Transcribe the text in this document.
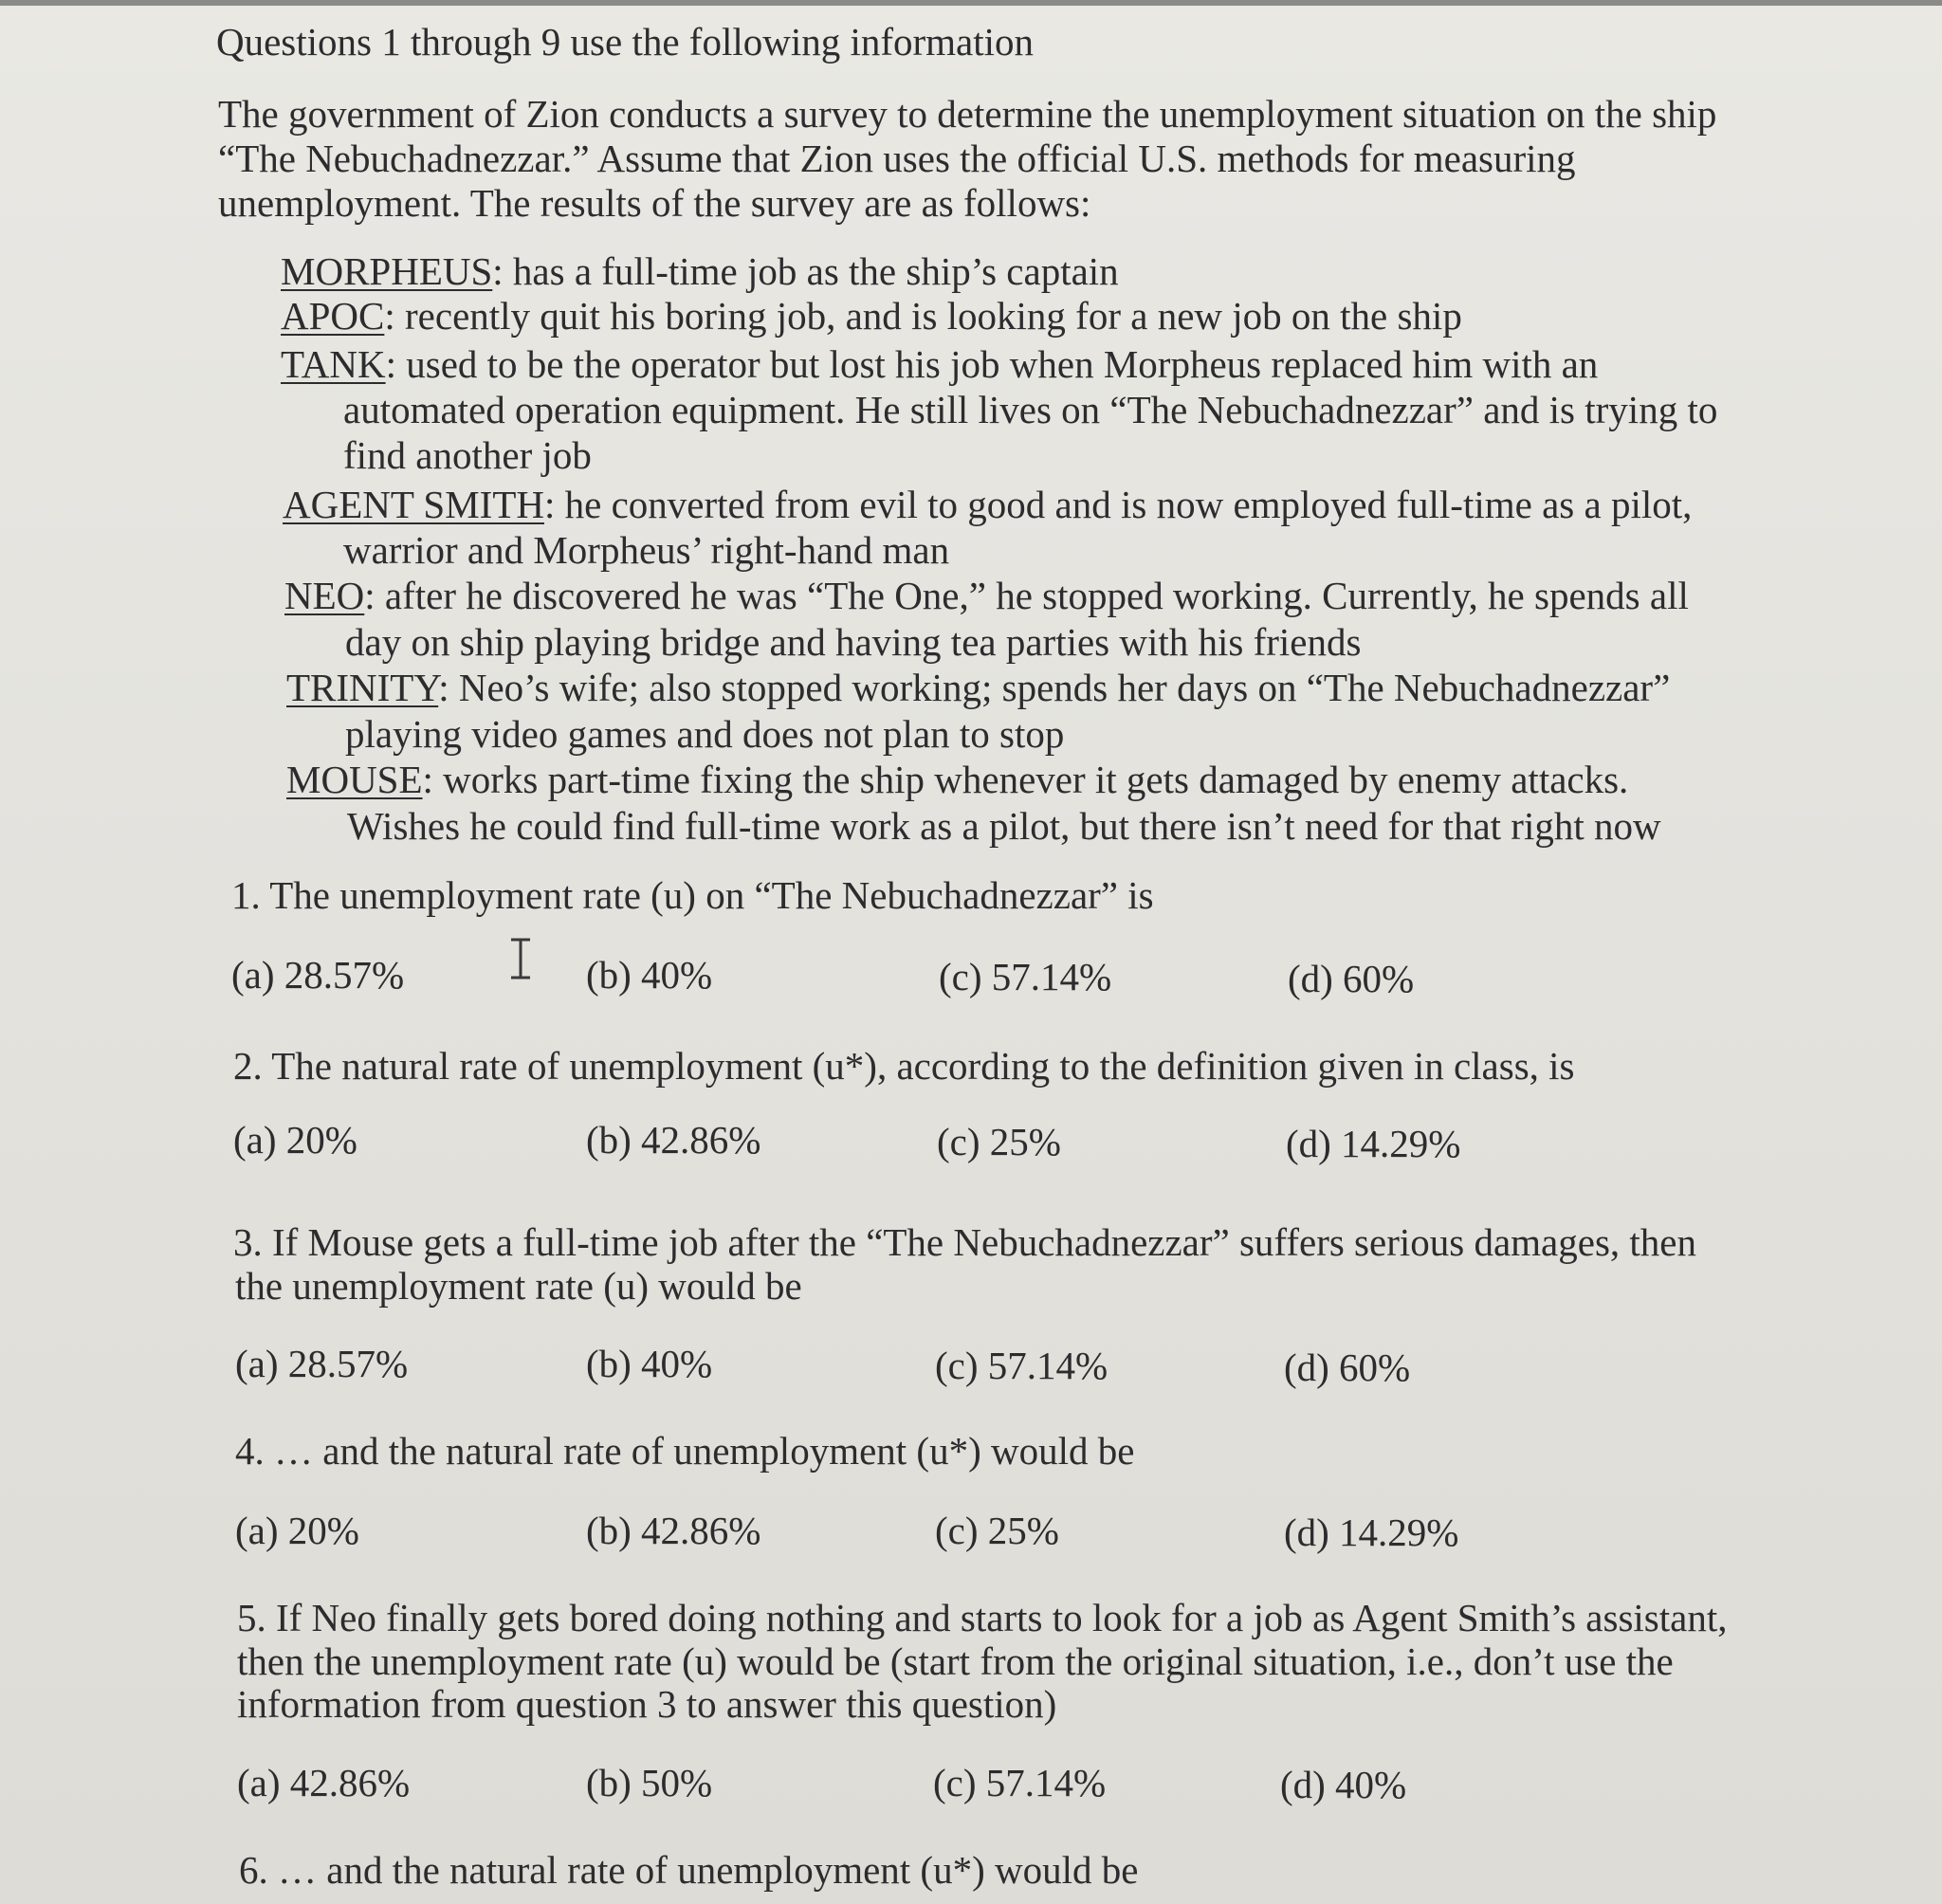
Questions 1 through 9 use the following information
The government of Zion conducts a survey to determine the unemployment situation on the ship
“The Nebuchadnezzar.” Assume that Zion uses the official U.S. methods for measuring
unemployment. The results of the survey are as follows:
MORPHEUS: has a full-time job as the ship’s captain
APOC: recently quit his boring job, and is looking for a new job on the ship
TANK: used to be the operator but lost his job when Morpheus replaced him with an
automated operation equipment. He still lives on “The Nebuchadnezzar” and is trying to
find another job
AGENT SMITH: he converted from evil to good and is now employed full-time as a pilot,
warrior and Morpheus’ right-hand man
NEO: after he discovered he was “The One,” he stopped working. Currently, he spends all
day on ship playing bridge and having tea parties with his friends
TRINITY: Neo’s wife; also stopped working; spends her days on “The Nebuchadnezzar”
playing video games and does not plan to stop
MOUSE: works part-time fixing the ship whenever it gets damaged by enemy attacks.
Wishes he could find full-time work as a pilot, but there isn’t need for that right now
1. The unemployment rate (u) on “The Nebuchadnezzar” is
(a) 28.57%	(b) 40%	(c) 57.14%	(d) 60%
2. The natural rate of unemployment (u*), according to the definition given in class, is
(a) 20%	(b) 42.86%	(c) 25%	(d) 14.29%
3. If Mouse gets a full-time job after the “The Nebuchadnezzar” suffers serious damages, then
the unemployment rate (u) would be
(a) 28.57%	(b) 40%	(c) 57.14%	(d) 60%
4. … and the natural rate of unemployment (u*) would be
(a) 20%	(b) 42.86%	(c) 25%	(d) 14.29%
5. If Neo finally gets bored doing nothing and starts to look for a job as Agent Smith’s assistant,
then the unemployment rate (u) would be (start from the original situation, i.e., don’t use the
information from question 3 to answer this question)
(a) 42.86%	(b) 50%	(c) 57.14%	(d) 40%
6. … and the natural rate of unemployment (u*) would be
